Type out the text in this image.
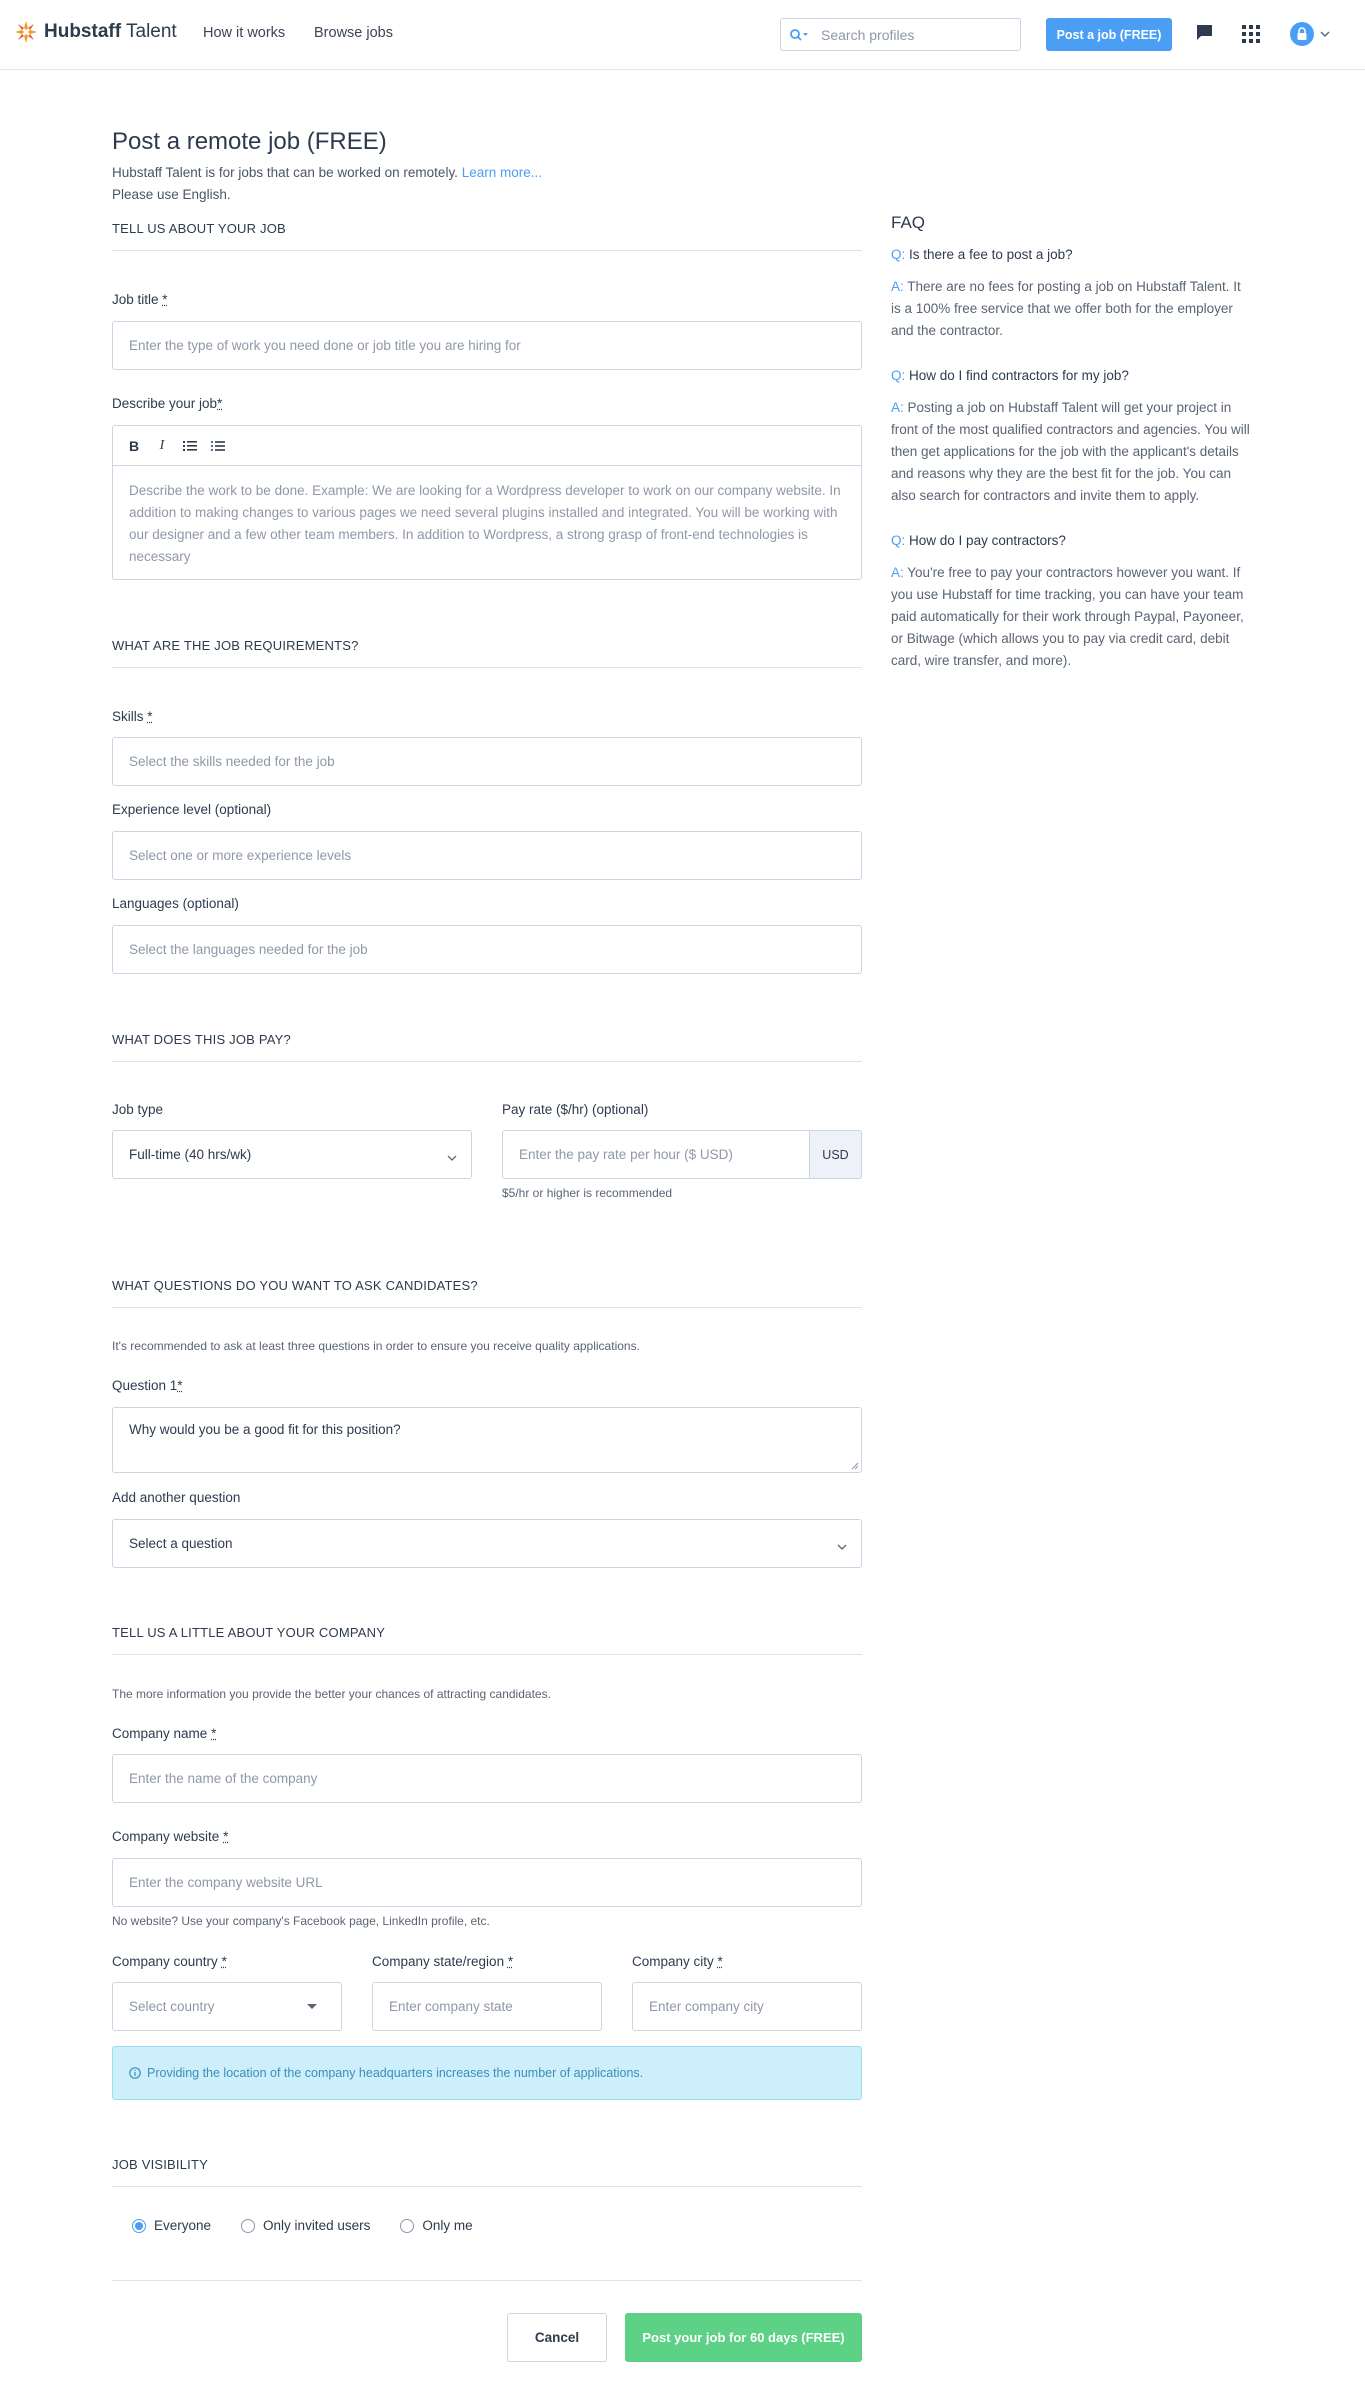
Hubstaff Talent How it works Browse jobs
Search profiles	Post a job (FREE)
Post a remote job (FREE)
Hubstaff Talent is for jobs that can be worked on remotely. Learn more...
Please use English.
TELL US ABOUT YOUR JOB
Job title *
Enter the type of work you need done or job title you are hiring for
Describe your job*
B	I
Describe the work to be done. Example: We are looking for a Wordpress developer to work on our company website. In addition to making changes to various pages we need several plugins installed and integrated. You will be working with our designer and a few other team members. In addition to Wordpress, a strong grasp of front-end technologies is necessary
WHAT ARE THE JOB REQUIREMENTS?
Skills *
Select the skills needed for the job
Experience level (optional)
Select one or more experience levels
Languages (optional)
Select the languages needed for the job
WHAT DOES THIS JOB PAY?
Job type
Full-time (40 hrs/wk)
Pay rate ($/hr) (optional)
Enter the pay rate per hour ($ USD)
USD
$5/hr or higher is recommended
WHAT QUESTIONS DO YOU WANT TO ASK CANDIDATES?
It's recommended to ask at least three questions in order to ensure you receive quality applications.
Question 1*
Why would you be a good fit for this position?
Add another question
Select a question
TELL US A LITTLE ABOUT YOUR COMPANY
The more information you provide the better your chances of attracting candidates.
Company name *
Enter the name of the company
Company website *
Enter the company website URL
No website? Use your company's Facebook page, LinkedIn profile, etc.
Company country *
Select country
Company state/region *
Enter company state	Company city *
Enter company city
Providing the location of the company headquarters increases the number of applications.
JOB VISIBILITY
Everyone	Only invited users	Only me
Cancel	Post your job for 60 days (FREE)
FAQ
Q: Is there a fee to post a job?
A: There are no fees for posting a job on Hubstaff Talent. It is a 100% free service that we offer both for the employer and the contractor.
Q: How do I find contractors for my job?
A: Posting a job on Hubstaff Talent will get your project in front of the most qualified contractors and agencies. You will then get applications for the job with the applicant's details and reasons why they are the best fit for the job. You can also search for contractors and invite them to apply.
Q: How do I pay contractors?
A: You're free to pay your contractors however you want. If you use Hubstaff for time tracking, you can have your team paid automatically for their work through Paypal, Payoneer, or Bitwage (which allows you to pay via credit card, debit card, wire transfer, and more).
